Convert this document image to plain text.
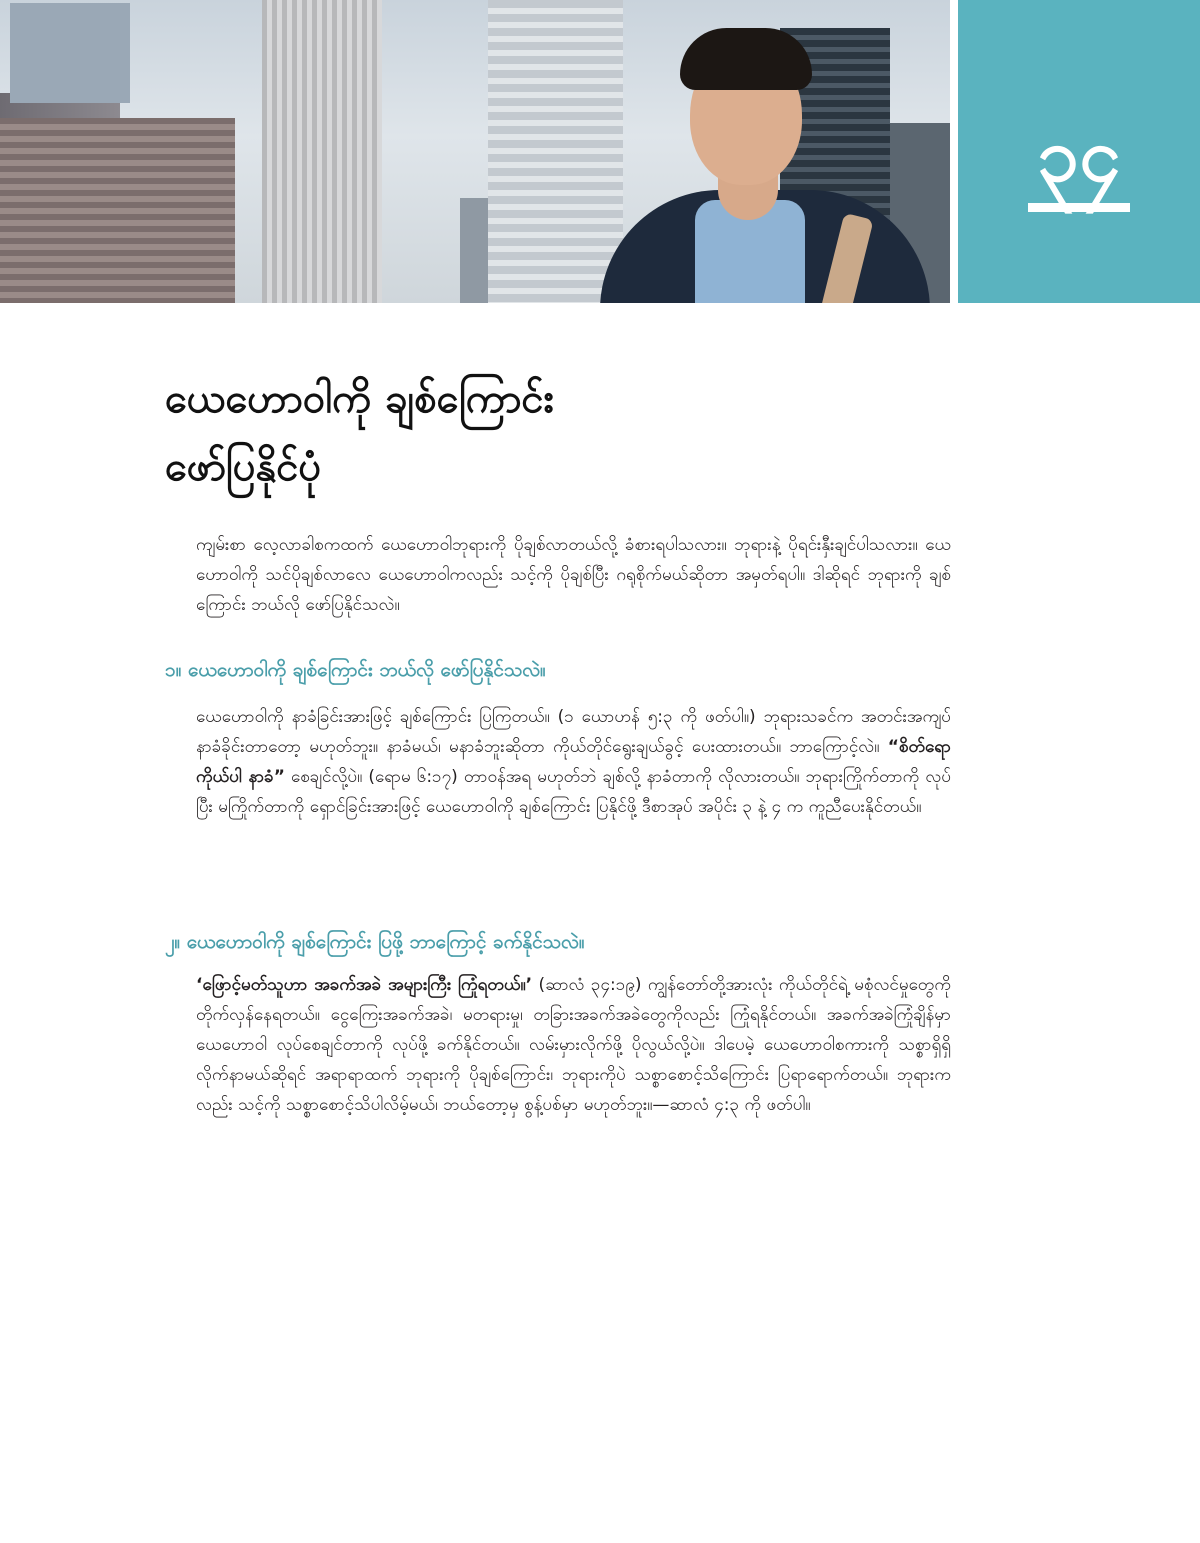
၃၄
ယေဟောဝါကို ချစ်ကြောင်း
ဖော်ပြနိုင်ပုံ

ကျမ်းစာ လေ့လာခါစကထက် ယေဟောဝါဘုရားကို ပိုချစ်လာတယ်လို့ ခံစားရပါသလား။ ဘုရားနဲ့ ပိုရင်းနှီးချင်ပါသလား။ ယေဟောဝါကို သင်ပိုချစ်လာလေ ယေဟောဝါကလည်း သင့်ကို ပိုချစ်ပြီး ဂရုစိုက်မယ်ဆိုတာ အမှတ်ရပါ။ ဒါဆိုရင် ဘုရားကို ချစ်ကြောင်း ဘယ်လို ဖော်ပြနိုင်သလဲ။

၁။ ယေဟောဝါကို ချစ်ကြောင်း ဘယ်လို ဖော်ပြနိုင်သလဲ။

ယေဟောဝါကို နာခံခြင်းအားဖြင့် ချစ်ကြောင်း ပြကြတယ်။ (၁ ယောဟန် ၅:၃ ကို ဖတ်ပါ။) ဘုရားသခင်က အတင်းအကျပ် နာခံခိုင်းတာတော့ မဟုတ်ဘူး။ နာခံမယ်၊ မနာခံဘူးဆိုတာ ကိုယ်တိုင်ရွေးချယ်ခွင့် ပေးထားတယ်။ ဘာကြောင့်လဲ။ “စိတ်ရောကိုယ်ပါ နာခံ” စေချင်လို့ပဲ။ (ရောမ ၆:၁၇) တာဝန်အရ မဟုတ်ဘဲ ချစ်လို့ နာခံတာကို လိုလားတယ်။ ဘုရားကြိုက်တာကို လုပ်ပြီး မကြိုက်တာကို ရှောင်ခြင်းအားဖြင့် ယေဟောဝါကို ချစ်ကြောင်း ပြနိုင်ဖို့ ဒီစာအုပ် အပိုင်း ၃ နဲ့ ၄ က ကူညီပေးနိုင်တယ်။

၂။ ယေဟောဝါကို ချစ်ကြောင်း ပြဖို့ ဘာကြောင့် ခက်နိုင်သလဲ။

‘ဖြောင့်မတ်သူဟာ အခက်အခဲ အများကြီး ကြုံရတယ်။’ (ဆာလံ ၃၄:၁၉) ကျွန်တော်တို့အားလုံး ကိုယ်တိုင်ရဲ့ မစုံလင်မှုတွေကို တိုက်လှန်နေရတယ်။ ငွေကြေးအခက်အခဲ၊ မတရားမှု၊ တခြားအခက်အခဲတွေကိုလည်း ကြုံရနိုင်တယ်။ အခက်အခဲကြုံချိန်မှာ ယေဟောဝါ လုပ်စေချင်တာကို လုပ်ဖို့ ခက်နိုင်တယ်။ လမ်းမှားလိုက်ဖို့ ပိုလွယ်လို့ပဲ။ ဒါပေမဲ့ ယေဟောဝါစကားကို သစ္စာရှိရှိ လိုက်နာမယ်ဆိုရင် အရာရာထက် ဘုရားကို ပိုချစ်ကြောင်း၊ ဘုရားကိုပဲ သစ္စာစောင့်သိကြောင်း ပြရာရောက်တယ်။ ဘုရားကလည်း သင့်ကို သစ္စာစောင့်သိပါလိမ့်မယ်၊ ဘယ်တော့မှ စွန့်ပစ်မှာ မဟုတ်ဘူး။—ဆာလံ ၄:၃ ကို ဖတ်ပါ။
